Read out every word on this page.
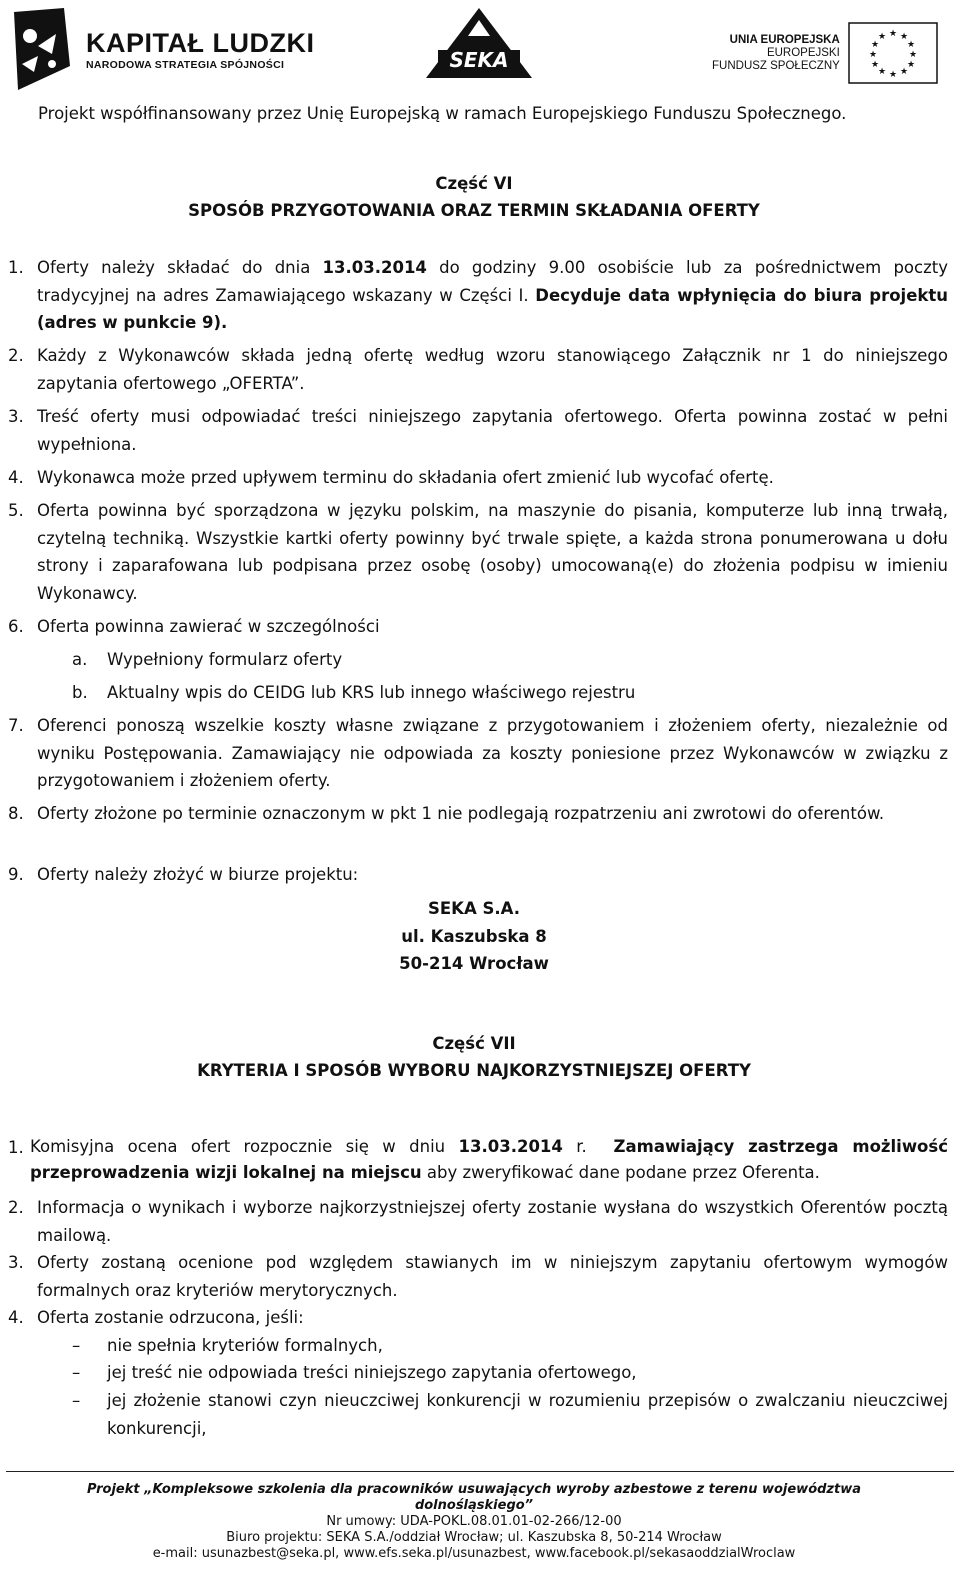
KAPITAŁ LUDZKI
NARODOWA STRATEGIA SPÓJNOŚCI	SEKA
UNIA EUROPEJSKA
EUROPEJSKI
FUNDUSZ SPOŁECZNY
★ ★
★
★
★
★
★
★
★
★
★
★
Projekt współfinansowany przez Unię Europejską w ramach Europejskiego Funduszu Społecznego.
Część VI
SPOSÓB PRZYGOTOWANIA ORAZ TERMIN SKŁADANIA OFERTY
1. Oferty należy składać do dnia 13.03.2014 do godziny 9.00 osobiście lub za pośrednictwem poczty tradycyjnej na adres Zamawiającego wskazany w Części I. Decyduje data wpłynięcia do biura projektu (adres w punkcie 9).
2. Każdy z Wykonawców składa jedną ofertę według wzoru stanowiącego Załącznik nr 1 do niniejszego zapytania ofertowego „OFERTA”.
3. Treść oferty musi odpowiadać treści niniejszego zapytania ofertowego. Oferta powinna zostać w pełni wypełniona.
4. Wykonawca może przed upływem terminu do składania ofert zmienić lub wycofać ofertę.
5. Oferta powinna być sporządzona w języku polskim, na maszynie do pisania, komputerze lub inną trwałą, czytelną techniką. Wszystkie kartki oferty powinny być trwale spięte, a każda strona ponumerowana u dołu strony i zaparafowana lub podpisana przez osobę (osoby) umocowaną(e) do złożenia podpisu w imieniu Wykonawcy.
6. Oferta powinna zawierać w szczególności
a. Wypełniony formularz oferty
b. Aktualny wpis do CEIDG lub KRS lub innego właściwego rejestru
7. Oferenci ponoszą wszelkie koszty własne związane z przygotowaniem i złożeniem oferty, niezależnie od wyniku Postępowania. Zamawiający nie odpowiada za koszty poniesione przez Wykonawców w związku z przygotowaniem i złożeniem oferty.
8. Oferty złożone po terminie oznaczonym w pkt 1 nie podlegają rozpatrzeniu ani zwrotowi do oferentów.
9. Oferty należy złożyć w biurze projektu:
SEKA S.A.
ul. Kaszubska 8
50-214 Wrocław
Część VII
KRYTERIA I SPOSÓB WYBORU NAJKORZYSTNIEJSZEJ OFERTY
1. Komisyjna ocena ofert rozpocznie się w dniu 13.03.2014 r.  Zamawiający zastrzega możliwość przeprowadzenia wizji lokalnej na miejscu aby zweryfikować dane podane przez Oferenta.
2. Informacja o wynikach i wyborze najkorzystniejszej oferty zostanie wysłana do wszystkich Oferentów pocztą mailową.
3. Oferty zostaną ocenione pod względem stawianych im w niniejszym zapytaniu ofertowym wymogów formalnych oraz kryteriów merytorycznych.
4. Oferta zostanie odrzucona, jeśli:
– nie spełnia kryteriów formalnych,
– jej treść nie odpowiada treści niniejszego zapytania ofertowego,
– jej złożenie stanowi czyn nieuczciwej konkurencji w rozumieniu przepisów o zwalczaniu nieuczciwej konkurencji,
Projekt „Kompleksowe szkolenia dla pracowników usuwających wyroby azbestowe z terenu województwa dolnośląskiego”
Nr umowy: UDA-POKL.08.01.01-02-266/12-00
Biuro projektu: SEKA S.A./oddział Wrocław; ul. Kaszubska 8, 50-214 Wrocław
e-mail: usunazbest@seka.pl, www.efs.seka.pl/usunazbest, www.facebook.pl/sekasaoddzialWroclaw
